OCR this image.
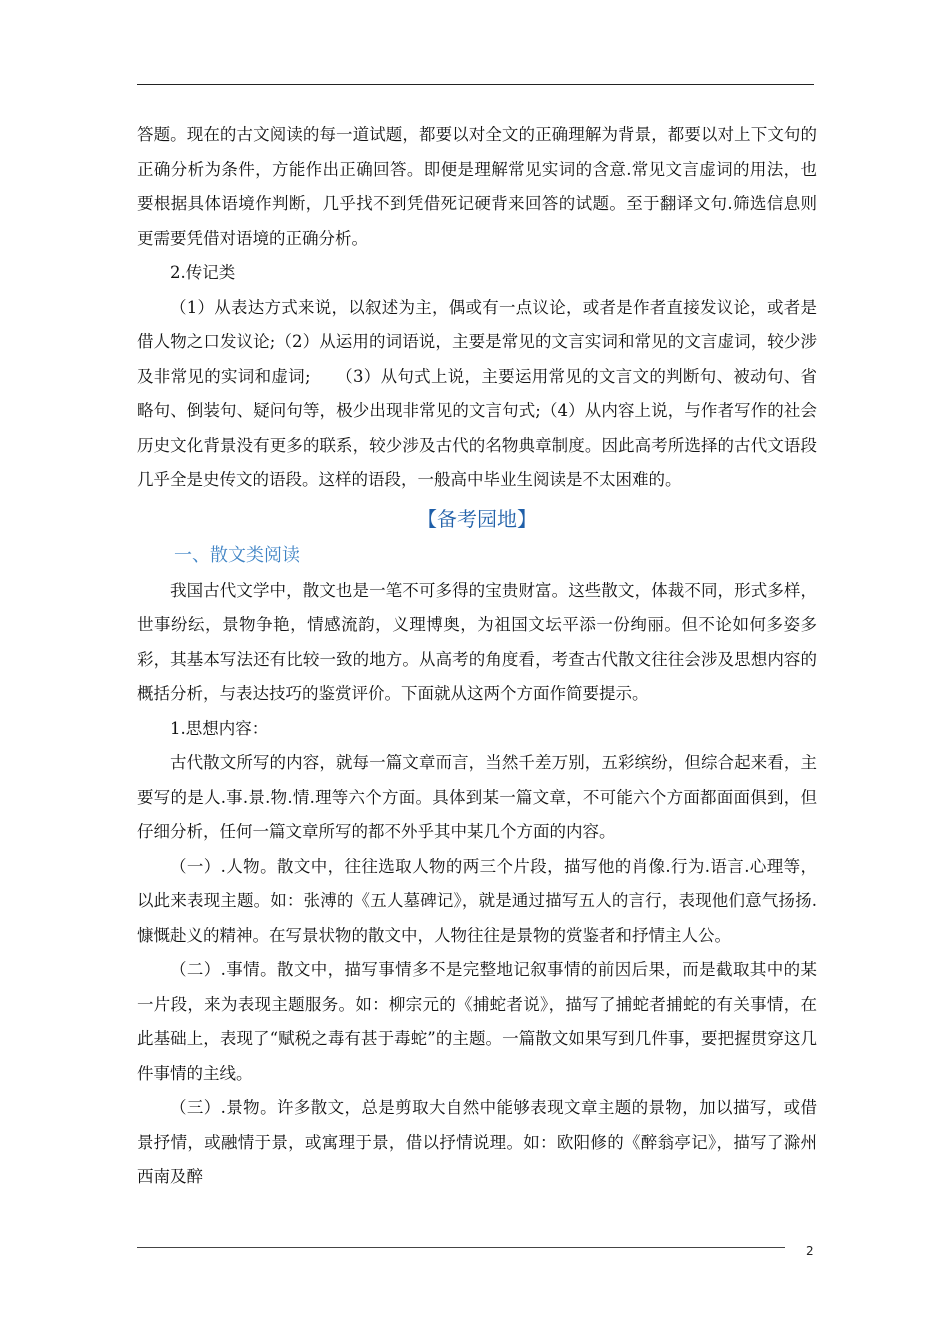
答题。现在的古文阅读的每一道试题，都要以对全文的正确理解为背景，都要以对上下文句的正确分析为条件，方能作出正确回答。即便是理解常见实词的含意.常见文言虚词的用法，也要根据具体语境作判断，几乎找不到凭借死记硬背来回答的试题。至于翻译文句.筛选信息则更需要凭借对语境的正确分析。

2.传记类

（1）从表达方式来说，以叙述为主，偶或有一点议论，或者是作者直接发议论，或者是借人物之口发议论;（2）从运用的词语说，主要是常见的文言实词和常见的文言虚词，较少涉及非常见的实词和虚词;　　（3）从句式上说，主要运用常见的文言文的判断句、被动句、省略句、倒装句、疑问句等，极少出现非常见的文言句式;（4）从内容上说，与作者写作的社会历史文化背景没有更多的联系，较少涉及古代的名物典章制度。因此高考所选择的古代文语段几乎全是史传文的语段。这样的语段，一般高中毕业生阅读是不太困难的。

【备考园地】
一、散文类阅读

我国古代文学中，散文也是一笔不可多得的宝贵财富。这些散文，体裁不同，形式多样，世事纷纭，景物争艳，情感流韵，义理博奥，为祖国文坛平添一份绚丽。但不论如何多姿多彩，其基本写法还有比较一致的地方。从高考的角度看，考查古代散文往往会涉及思想内容的概括分析，与表达技巧的鉴赏评价。下面就从这两个方面作简要提示。

1.思想内容：

古代散文所写的内容，就每一篇文章而言，当然千差万别，五彩缤纷，但综合起来看，主要写的是人.事.景.物.情.理等六个方面。具体到某一篇文章，不可能六个方面都面面俱到，但仔细分析，任何一篇文章所写的都不外乎其中某几个方面的内容。

（一）.人物。散文中，往往选取人物的两三个片段，描写他的肖像.行为.语言.心理等，以此来表现主题。如：张溥的《五人墓碑记》，就是通过描写五人的言行，表现他们意气扬扬.慷慨赴义的精神。在写景状物的散文中，人物往往是景物的赏鉴者和抒情主人公。

（二）.事情。散文中，描写事情多不是完整地记叙事情的前因后果，而是截取其中的某一片段，来为表现主题服务。如：柳宗元的《捕蛇者说》，描写了捕蛇者捕蛇的有关事情，在此基础上，表现了“赋税之毒有甚于毒蛇”的主题。一篇散文如果写到几件事，要把握贯穿这几件事情的主线。

（三）.景物。许多散文，总是剪取大自然中能够表现文章主题的景物，加以描写，或借景抒情，或融情于景，或寓理于景，借以抒情说理。如：欧阳修的《醉翁亭记》，描写了滁州西南及醉

2
